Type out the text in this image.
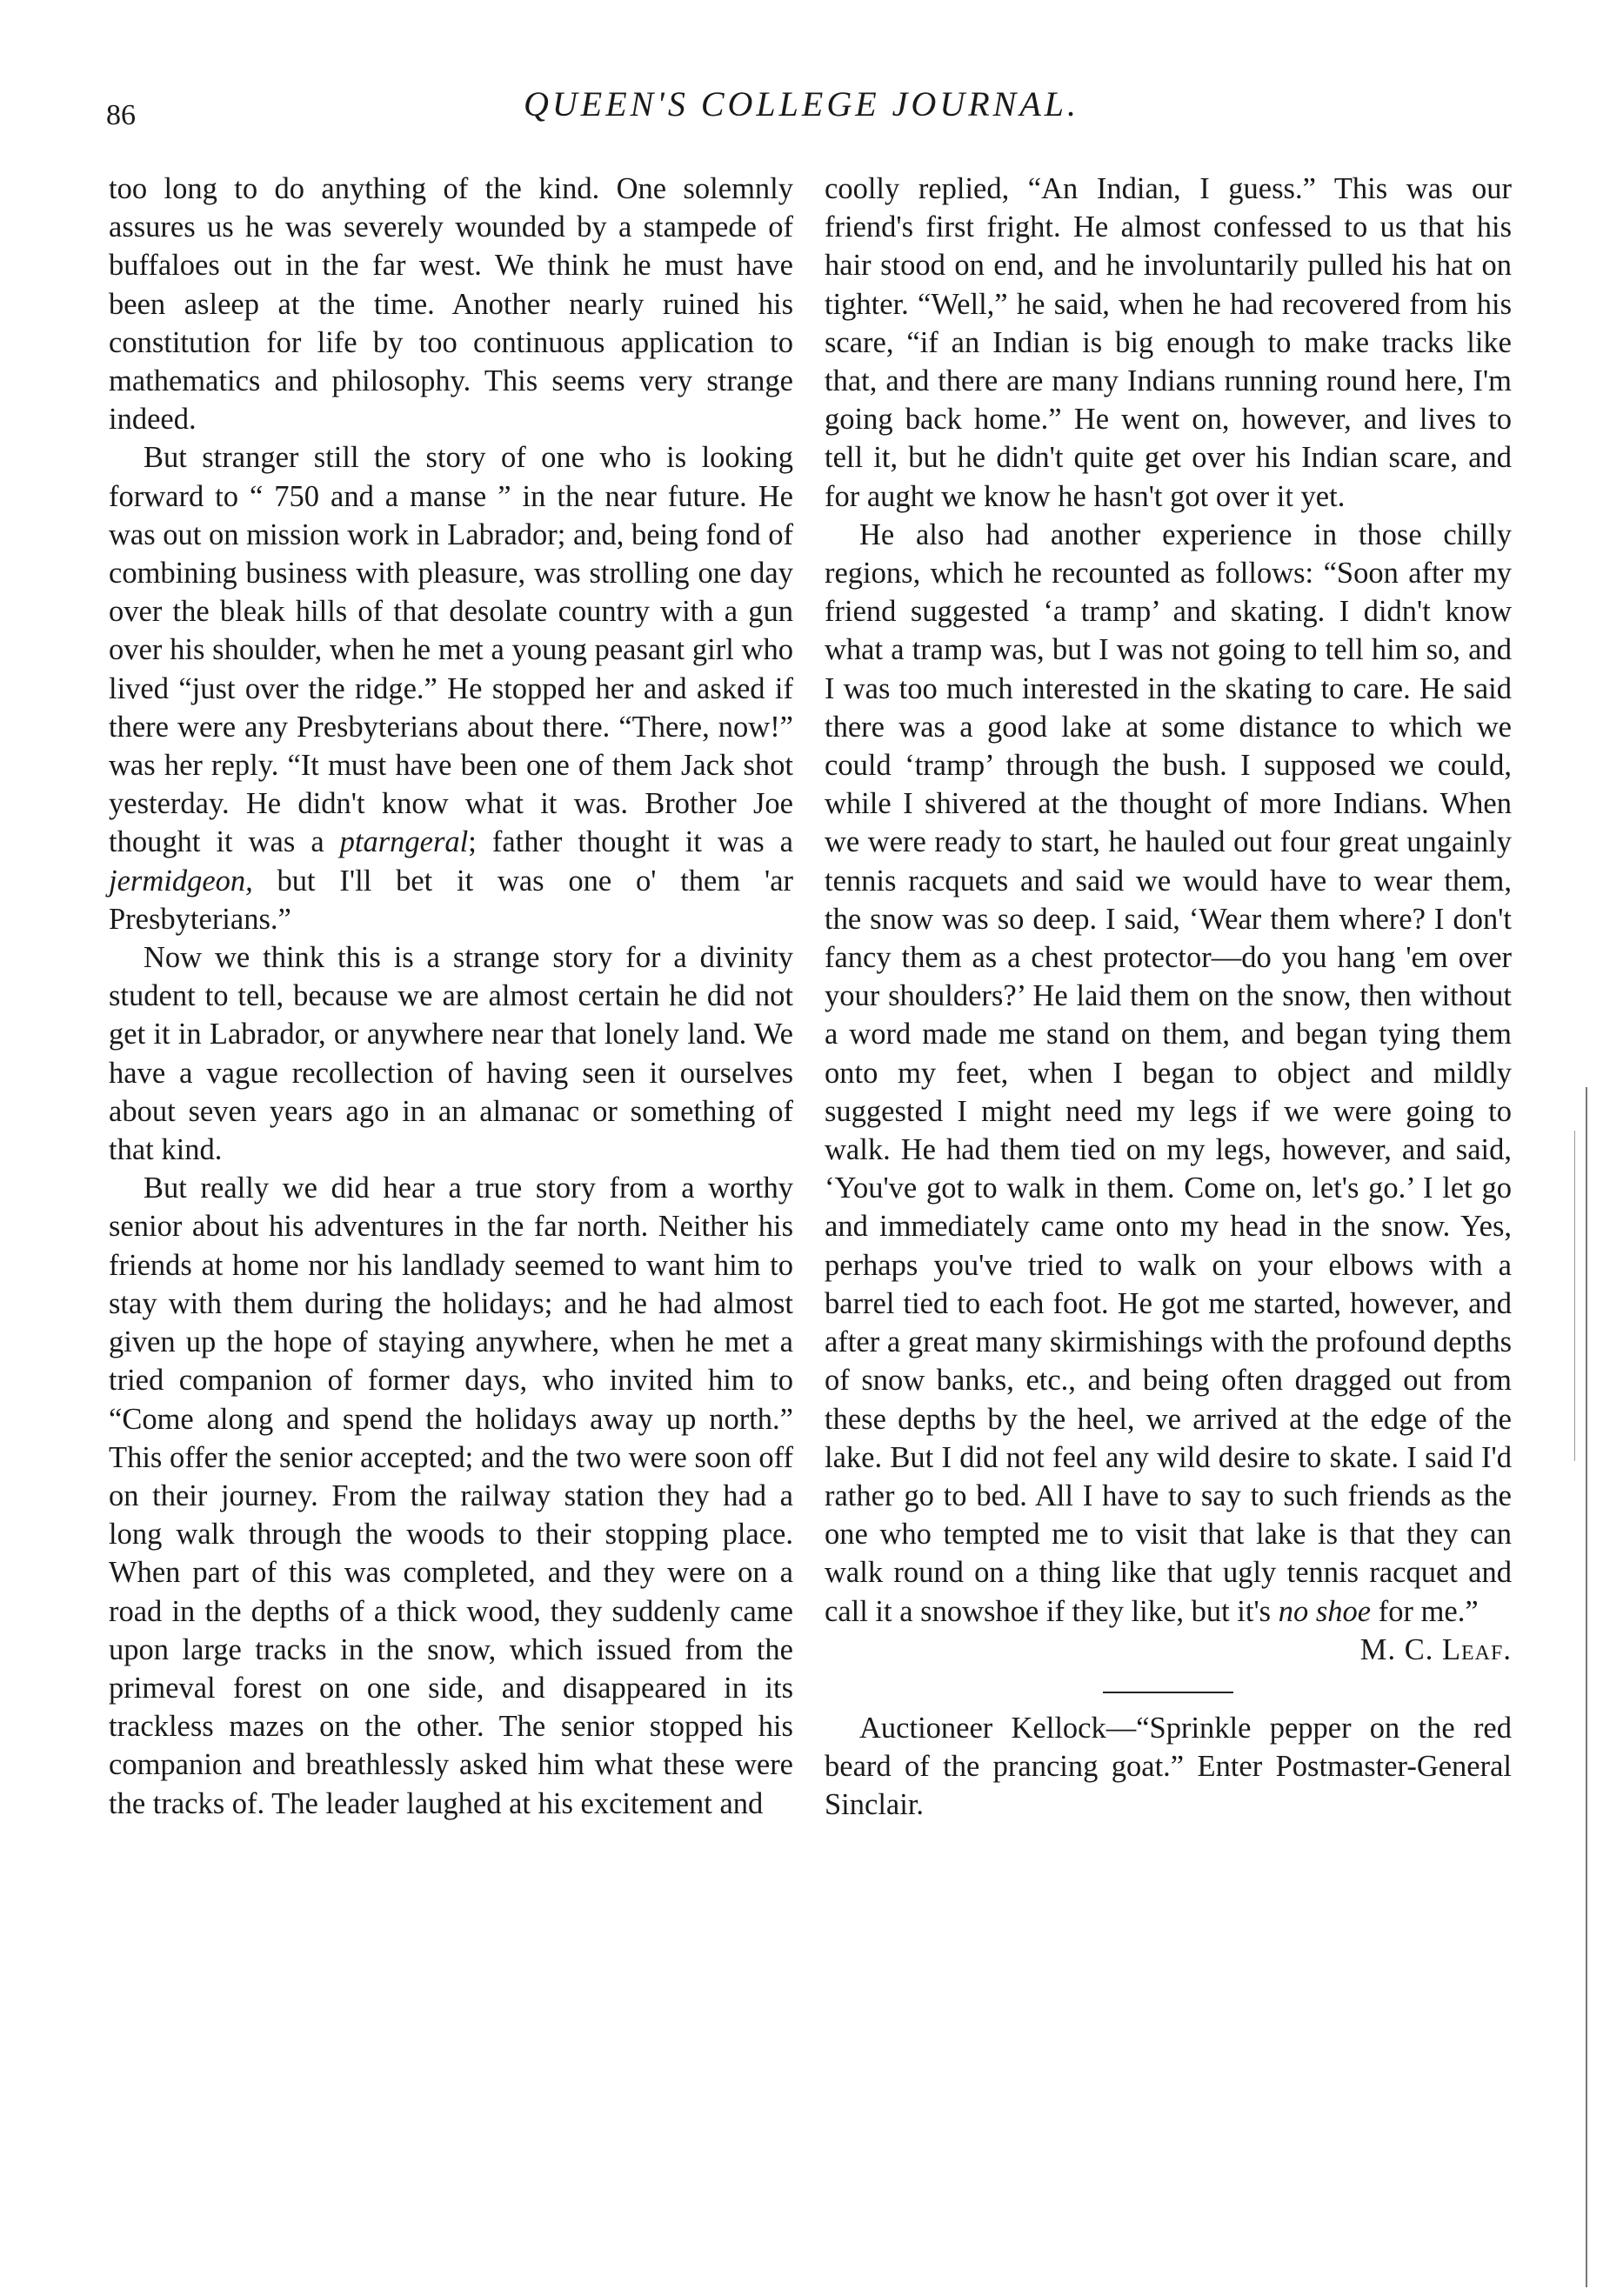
86	QUEEN'S COLLEGE JOURNAL.

too long to do anything of the kind. One solemnly assures us he was severely wounded by a stampede of buffaloes out in the far west. We think he must have been asleep at the time. Another nearly ruined his constitution for life by too continuous application to mathematics and philosophy. This seems very strange indeed.

But stranger still the story of one who is looking forward to “ 750 and a manse ” in the near future. He was out on mission work in Labrador; and, being fond of combining business with pleasure, was strolling one day over the bleak hills of that desolate country with a gun over his shoulder, when he met a young peasant girl who lived “just over the ridge.” He stopped her and asked if there were any Presbyterians about there. “There, now!” was her reply. “It must have been one of them Jack shot yesterday. He didn't know what it was. Brother Joe thought it was a ptarngeral; father thought it was a jermidgeon, but I'll bet it was one o' them 'ar Presbyterians.”

Now we think this is a strange story for a divinity student to tell, because we are almost certain he did not get it in Labrador, or anywhere near that lonely land. We have a vague recollection of having seen it ourselves about seven years ago in an almanac or something of that kind.

But really we did hear a true story from a worthy senior about his adventures in the far north. Neither his friends at home nor his landlady seemed to want him to stay with them during the holidays; and he had almost given up the hope of staying anywhere, when he met a tried companion of former days, who invited him to “Come along and spend the holidays away up north.” This offer the senior accepted; and the two were soon off on their journey. From the railway station they had a long walk through the woods to their stopping place. When part of this was completed, and they were on a road in the depths of a thick wood, they suddenly came upon large tracks in the snow, which issued from the primeval forest on one side, and disappeared in its trackless mazes on the other. The senior stopped his companion and breathlessly asked him what these were the tracks of. The leader laughed at his excitement and

coolly replied, “An Indian, I guess.” This was our friend's first fright. He almost confessed to us that his hair stood on end, and he involuntarily pulled his hat on tighter. “Well,” he said, when he had recovered from his scare, “if an Indian is big enough to make tracks like that, and there are many Indians running round here, I'm going back home.” He went on, however, and lives to tell it, but he didn't quite get over his Indian scare, and for aught we know he hasn't got over it yet.

He also had another experience in those chilly regions, which he recounted as follows: “Soon after my friend suggested ‘a tramp’ and skating. I didn't know what a tramp was, but I was not going to tell him so, and I was too much interested in the skating to care. He said there was a good lake at some distance to which we could ‘tramp’ through the bush. I supposed we could, while I shivered at the thought of more Indians. When we were ready to start, he hauled out four great ungainly tennis racquets and said we would have to wear them, the snow was so deep. I said, ‘Wear them where? I don't fancy them as a chest protector—do you hang 'em over your shoulders?’ He laid them on the snow, then without a word made me stand on them, and began tying them onto my feet, when I began to object and mildly suggested I might need my legs if we were going to walk. He had them tied on my legs, however, and said, ‘You've got to walk in them. Come on, let's go.’ I let go and immediately came onto my head in the snow. Yes, perhaps you've tried to walk on your elbows with a barrel tied to each foot. He got me started, however, and after a great many skirmishings with the profound depths of snow banks, etc., and being often dragged out from these depths by the heel, we arrived at the edge of the lake. But I did not feel any wild desire to skate. I said I'd rather go to bed. All I have to say to such friends as the one who tempted me to visit that lake is that they can walk round on a thing like that ugly tennis racquet and call it a snowshoe if they like, but it's no shoe for me.”

M. C. Leaf.

Auctioneer Kellock—“Sprinkle pepper on the red beard of the prancing goat.” Enter Postmaster-General Sinclair.
